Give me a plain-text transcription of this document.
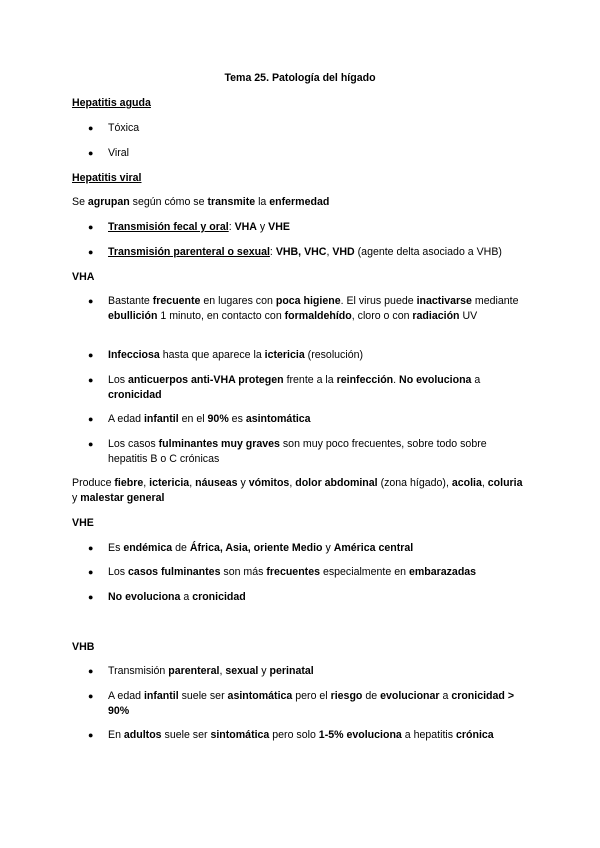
Tema 25. Patología del hígado
Hepatitis aguda
● Tóxica
● Viral
Hepatitis viral
Se agrupan según cómo se transmite la enfermedad
● Transmisión fecal y oral: VHA y VHE
● Transmisión parenteral o sexual: VHB, VHC, VHD (agente delta asociado a VHB)
VHA
● Bastante frecuente en lugares con poca higiene. El virus puede inactivarse mediante ebullición 1 minuto, en contacto con formaldehído, cloro o con radiación UV
● Infecciosa hasta que aparece la ictericia (resolución)
● Los anticuerpos anti-VHA protegen frente a la reinfección. No evoluciona a cronicidad
● A edad infantil en el 90% es asintomática
● Los casos fulminantes muy graves son muy poco frecuentes, sobre todo sobre hepatitis B o C crónicas
Produce fiebre, ictericia, náuseas y vómitos, dolor abdominal (zona hígado), acolia, coluria y malestar general
VHE
● Es endémica de África, Asia, oriente Medio y América central
● Los casos fulminantes son más frecuentes especialmente en embarazadas
● No evoluciona a cronicidad
VHB
● Transmisión parenteral, sexual y perinatal
● A edad infantil suele ser asintomática pero el riesgo de evolucionar a cronicidad > 90%
● En adultos suele ser sintomática pero solo 1-5% evoluciona a hepatitis crónica
